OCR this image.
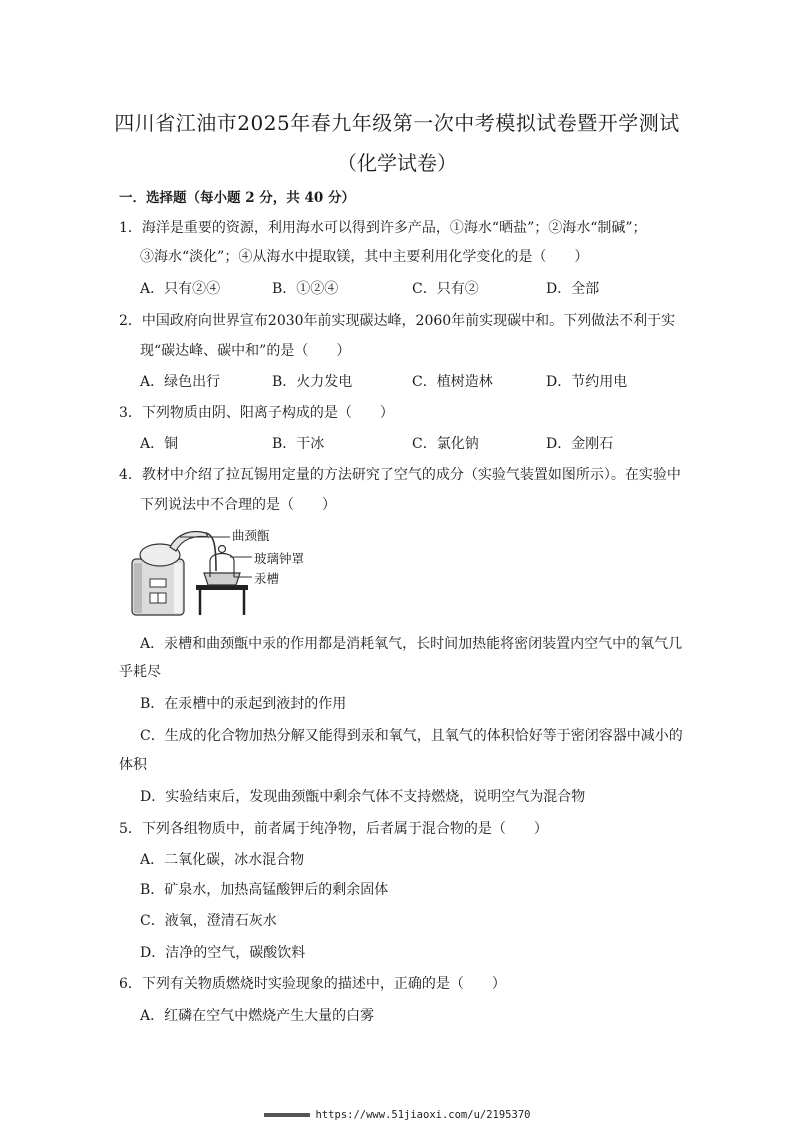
四川省江油市2025年春九年级第一次中考模拟试卷暨开学测试
（化学试卷）
一．选择题（每小题 2 分，共 40 分）
1．海洋是重要的资源，利用海水可以得到许多产品，①海水“晒盐”；②海水“制碱”；
③海水“淡化”；④从海水中提取镁，其中主要利用化学变化的是（　　）
A．只有②④	B．①②④	C．只有②	D．全部
2．中国政府向世界宣布2030年前实现碳达峰，2060年前实现碳中和。下列做法不利于实
现“碳达峰、碳中和”的是（　　）
A．绿色出行	B．火力发电	C．植树造林	D．节约用电
3．下列物质由阴、阳离子构成的是（　　）
A．铜	B．干冰	C．氯化钠	D．金刚石
4．教材中介绍了拉瓦锡用定量的方法研究了空气的成分（实验气装置如图所示）。在实验中
下列说法中不合理的是（　　）
曲颈甑
玻璃钟罩
汞槽
A．汞槽和曲颈甑中汞的作用都是消耗氧气，长时间加热能将密闭装置内空气中的氧气几
乎耗尽
B．在汞槽中的汞起到液封的作用
C．生成的化合物加热分解又能得到汞和氧气，且氧气的体积恰好等于密闭容器中减小的
体积
D．实验结束后，发现曲颈甑中剩余气体不支持燃烧，说明空气为混合物
5．下列各组物质中，前者属于纯净物，后者属于混合物的是（　　）
A．二氧化碳，冰水混合物
B．矿泉水，加热高锰酸钾后的剩余固体
C．液氧，澄清石灰水
D．洁净的空气，碳酸饮料
6．下列有关物质燃烧时实验现象的描述中，正确的是（　　）
A．红磷在空气中燃烧产生大量的白雾
https://www.51jiaoxi.com/u/2195370
